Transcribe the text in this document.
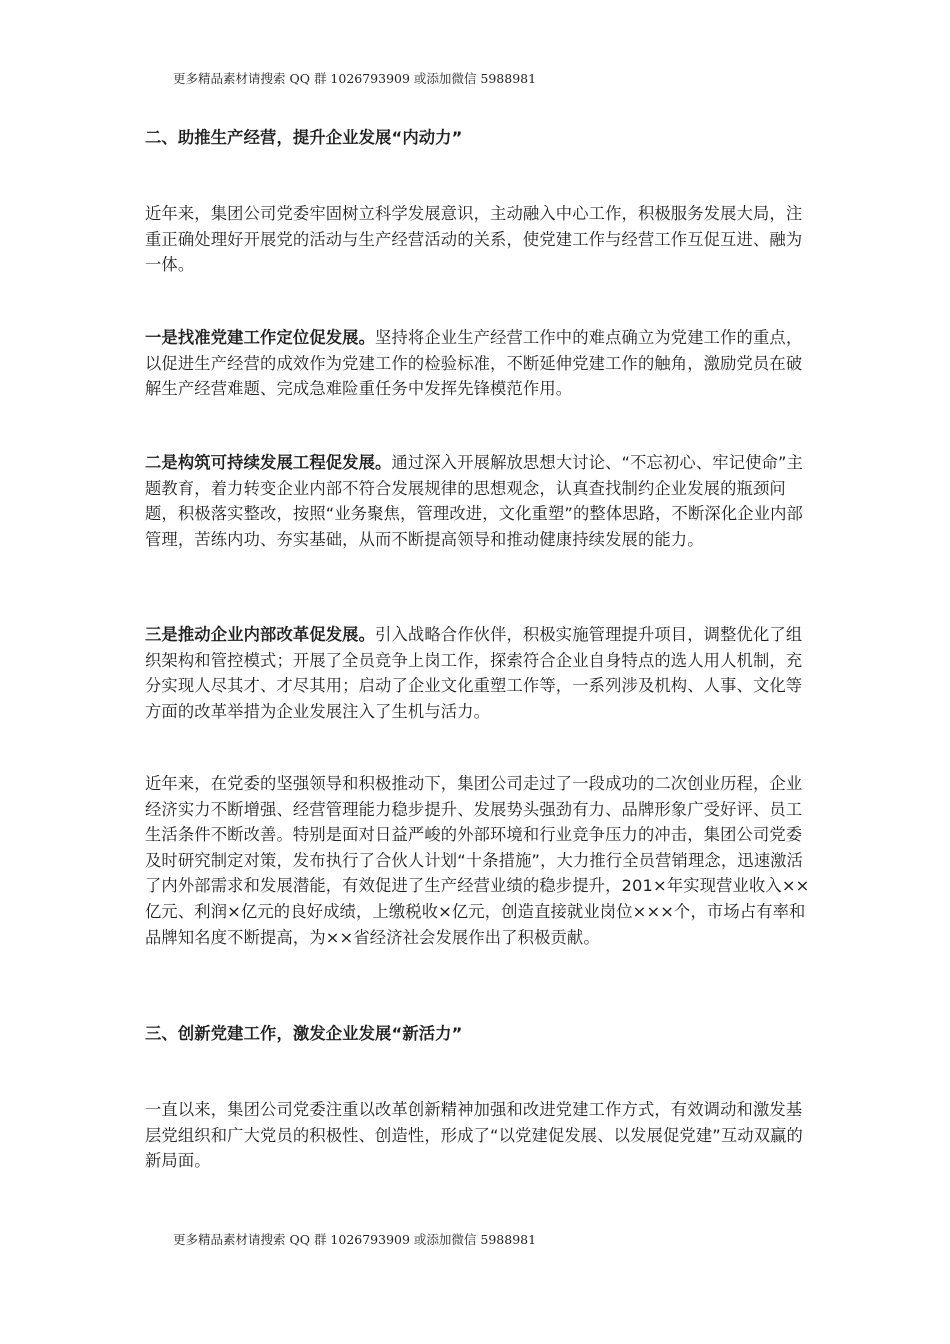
更多精品素材请搜索 QQ 群 1026793909 或添加微信 5988981
二、助推生产经营，提升企业发展“内动力”

近年来，集团公司党委牢固树立科学发展意识，主动融入中心工作，积极服务发展大局，注重正确处理好开展党的活动与生产经营活动的关系，使党建工作与经营工作互促互进、融为一体。

一是找准党建工作定位促发展。坚持将企业生产经营工作中的难点确立为党建工作的重点，以促进生产经营的成效作为党建工作的检验标准，不断延伸党建工作的触角，激励党员在破解生产经营难题、完成急难险重任务中发挥先锋模范作用。

二是构筑可持续发展工程促发展。通过深入开展解放思想大讨论、“不忘初心、牢记使命”主题教育，着力转变企业内部不符合发展规律的思想观念，认真查找制约企业发展的瓶颈问题，积极落实整改，按照“业务聚焦，管理改进，文化重塑”的整体思路，不断深化企业内部管理，苦练内功、夯实基础，从而不断提高领导和推动健康持续发展的能力。

三是推动企业内部改革促发展。引入战略合作伙伴，积极实施管理提升项目，调整优化了组织架构和管控模式；开展了全员竞争上岗工作，探索符合企业自身特点的选人用人机制，充分实现人尽其才、才尽其用；启动了企业文化重塑工作等，一系列涉及机构、人事、文化等方面的改革举措为企业发展注入了生机与活力。

近年来，在党委的坚强领导和积极推动下，集团公司走过了一段成功的二次创业历程，企业经济实力不断增强、经营管理能力稳步提升、发展势头强劲有力、品牌形象广受好评、员工生活条件不断改善。特别是面对日益严峻的外部环境和行业竞争压力的冲击，集团公司党委及时研究制定对策，发布执行了合伙人计划“十条措施”，大力推行全员营销理念，迅速激活了内外部需求和发展潜能，有效促进了生产经营业绩的稳步提升，201×年实现营业收入××亿元、利润×亿元的良好成绩，上缴税收×亿元，创造直接就业岗位×××个，市场占有率和品牌知名度不断提高，为××省经济社会发展作出了积极贡献。

三、创新党建工作，激发企业发展“新活力”

一直以来，集团公司党委注重以改革创新精神加强和改进党建工作方式，有效调动和激发基层党组织和广大党员的积极性、创造性，形成了“以党建促发展、以发展促党建”互动双赢的新局面。

更多精品素材请搜索 QQ 群 1026793909 或添加微信 5988981
